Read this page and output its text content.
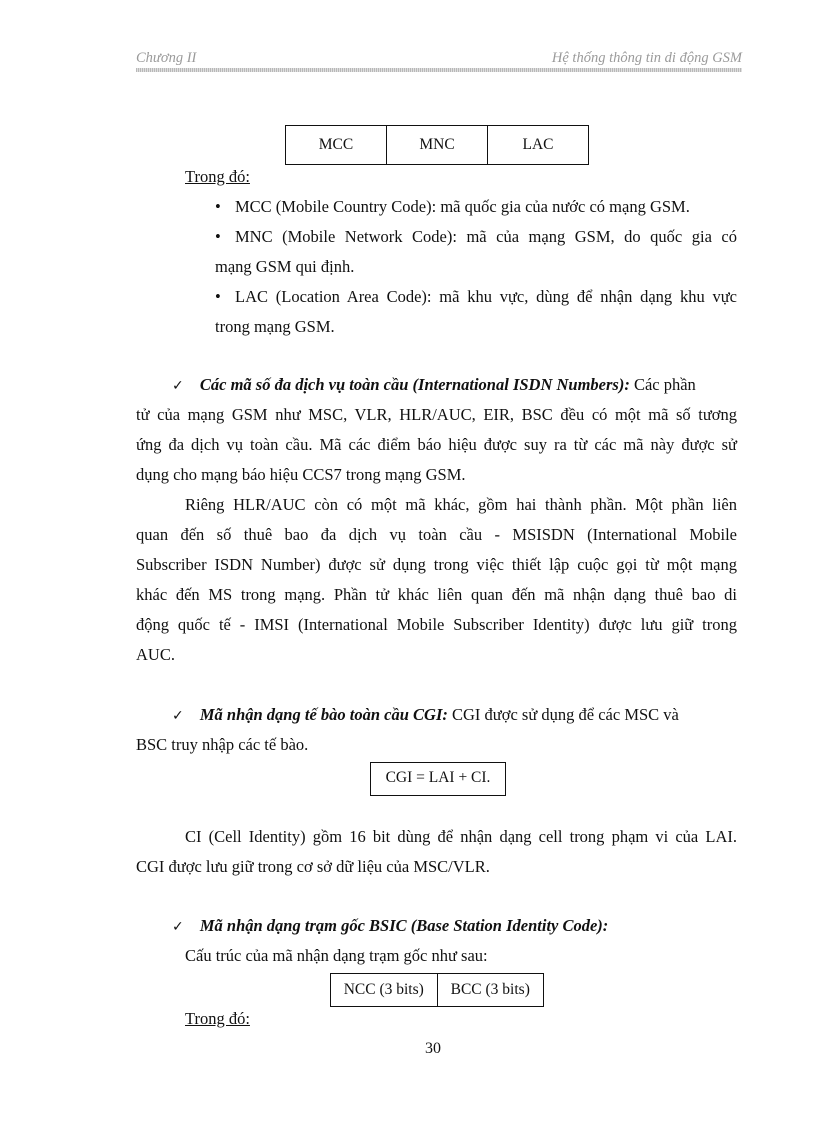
Chương II	Hệ thống thông tin di động GSM
MCC	MNC	LAC
Trong đó:
• MCC (Mobile Country Code): mã quốc gia của nước có mạng GSM.
• MNC (Mobile Network Code): mã của mạng GSM, do quốc gia có
mạng GSM qui định.
• LAC (Location Area Code): mã khu vực, dùng để nhận dạng khu vực
trong mạng GSM.
✓ Các mã số đa dịch vụ toàn cầu (International ISDN Numbers): Các phần
tử của mạng GSM như MSC, VLR, HLR/AUC, EIR, BSC đều có một mã số tương
ứng đa dịch vụ toàn cầu. Mã các điểm báo hiệu được suy ra từ các mã này được sử
dụng cho mạng báo hiệu CCS7 trong mạng GSM.
Riêng HLR/AUC còn có một mã khác, gồm hai thành phần. Một phần liên
quan đến số thuê bao đa dịch vụ toàn cầu - MSISDN (International Mobile
Subscriber ISDN Number) được sử dụng trong việc thiết lập cuộc gọi từ một mạng
khác đến MS trong mạng. Phần tử khác liên quan đến mã nhận dạng thuê bao di
động quốc tế - IMSI (International Mobile Subscriber Identity) được lưu giữ trong
AUC.
✓ Mã nhận dạng tế bào toàn cầu CGI: CGI được sử dụng để các MSC và
BSC truy nhập các tế bào.
CGI = LAI + CI.
CI (Cell Identity) gồm 16 bit dùng để nhận dạng cell trong phạm vi của LAI.
CGI được lưu giữ trong cơ sở dữ liệu của MSC/VLR.
✓ Mã nhận dạng trạm gốc BSIC (Base Station Identity Code):
Cấu trúc của mã nhận dạng trạm gốc như sau:
NCC (3 bits)	BCC (3 bits)
Trong đó:
30
